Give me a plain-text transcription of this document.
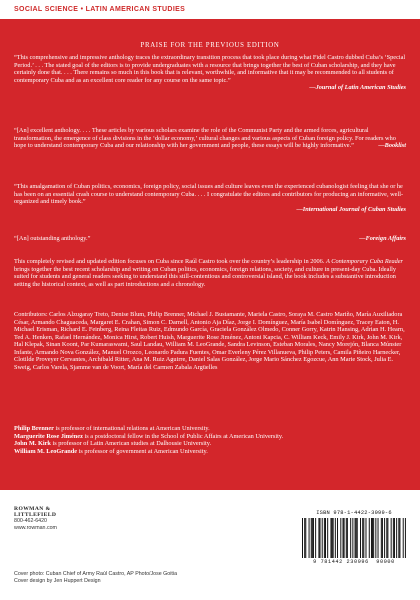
SOCIAL SCIENCE • LATIN AMERICAN STUDIES
PRAISE FOR THE PREVIOUS EDITION
“This comprehensive and impressive anthology traces the extraordinary transition process that took place during what Fidel Castro dubbed Cuba’s ‘Special Period.’ . . . The stated goal of the editors is to provide undergraduates with a resource that brings together the best of Cuban scholarship, and they have certainly done that. . . . There remains so much in this book that is relevant, worthwhile, and informative that it may be recommended to all students of contemporary Cuba and as an excellent core reader for any course on the same topic.”
—Journal of Latin American Studies
“[An] excellent anthology. . . . These articles by various scholars examine the role of the Communist Party and the armed forces, agricultural transformation, the emergence of class divisions in the ‘dollar economy,’ cultural changes and various aspects of Cuban foreign policy. For readers who hope to understand contemporary Cuba and our relationship with her government and people, these essays will be highly informative.”	—Booklist
“This amalgamation of Cuban politics, economics, foreign policy, social issues and culture leaves even the experienced cubanologist feeling that she or he has been on an essential crash course to understand contemporary Cuba. . . . I congratulate the editors and contributors for producing an informative, well-organized and timely book.”
—International Journal of Cuban Studies
“[An] outstanding anthology.”	—Foreign Affairs
This completely revised and updated edition focuses on Cuba since Raúl Castro took over the country’s leadership in 2006. A Contemporary Cuba Reader brings together the best recent scholarship and writing on Cuban politics, economics, foreign relations, society, and culture in present-day Cuba. Ideally suited for students and general readers seeking to understand this still-contentious and controversial island, the book includes a substantive introduction setting the historical context, as well as part introductions and a chronology.
Contributors: Carlos Alzugaray Treto, Denise Blum, Philip Brenner, Michael J. Bustamante, Mariela Castro, Soraya M. Castro Mariño, María Auxiliadora César, Armando Chaguaceda, Margaret E. Crahan, Simon C. Darnell, Antonio Aja Díaz, Jorge I. Domínguez, María Isabel Domínguez, Tracey Eaton, H. Michael Erisman, Richard E. Feinberg, Reina Fleitas Ruiz, Edmundo García, Graciela González Olmedo, Conner Gorry, Katrin Hansing, Adrian H. Hearn, Ted A. Henken, Rafael Hernández, Monica Hirst, Robert Huish, Marguerite Rose Jiménez, Antoni Kapcia, C. William Keck, Emily J. Kirk, John M. Kirk, Hal Klepak, Sinan Koont, Par Kumaraswami, Saul Landau, William M. LeoGrande, Sandra Levinson, Esteban Morales, Nancy Morejón, Blanca Múnster Infante, Armando Nova González, Manuel Orozco, Leonardo Padura Fuentes, Omar Everleny Pérez Villanueva, Philip Peters, Camila Piñeiro Harnecker, Clotilde Proveyer Cervantes, Archibald Ritter, Ana M. Ruiz Aguirre, Daniel Salas González, Jorge Mario Sánchez Egozcue, Ann Marie Stock, Julia E. Sweig, Carlos Varela, Sjamme van de Voort, María del Carmen Zabala Argüelles
Philip Brenner is professor of international relations at American University.
Marguerite Rose Jiménez is a postdoctoral fellow in the School of Public Affairs at American University.
John M. Kirk is professor of Latin American studies at Dalhousie University.
William M. LeoGrande is professor of government at American University.
ROWMAN &
LITTLEFIELD
800-462-6420
www.rowman.com
ISBN 978-1-4422-3099-6
9 781442 230996 90000
Cover photo: Cuban Chief of Army Raúl Castro, AP Photo/Jose Goitia
Cover design by Jen Huppert Design
